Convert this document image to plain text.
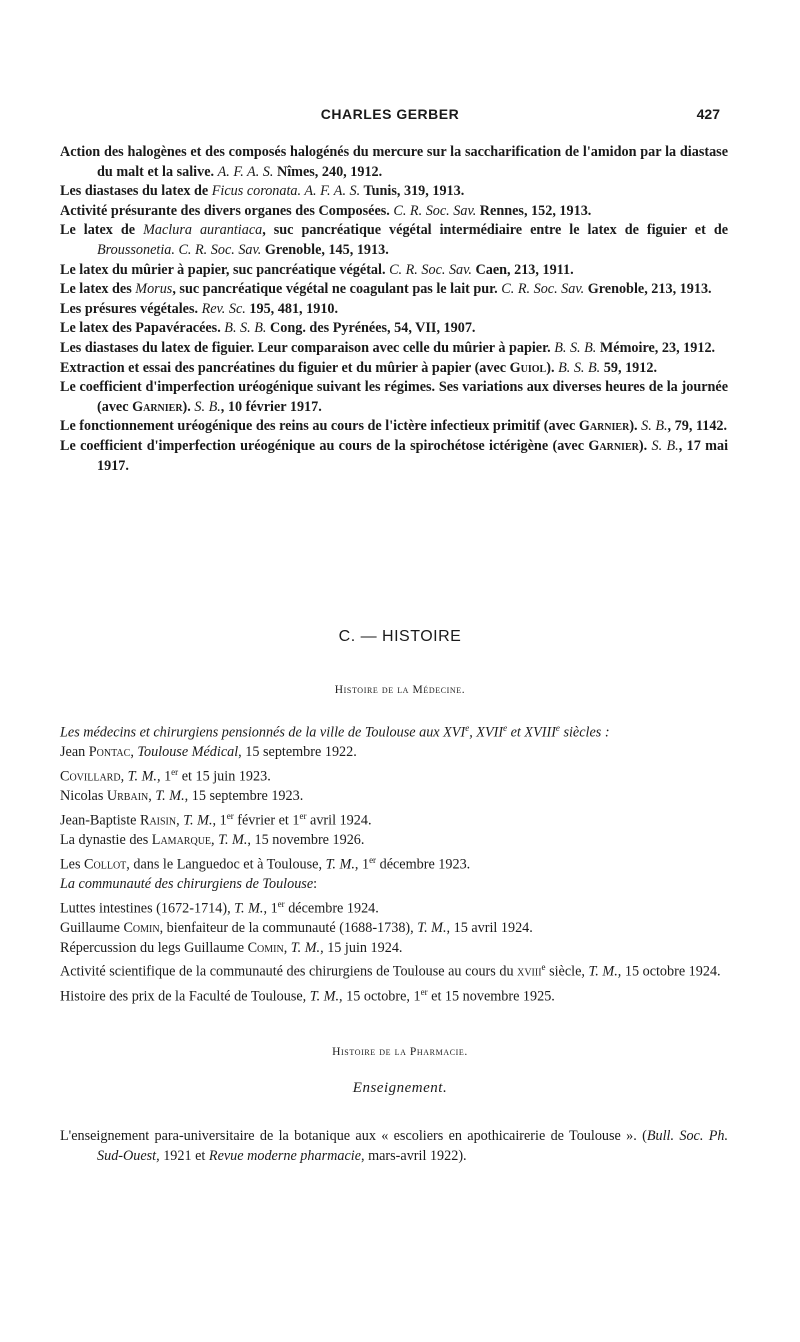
CHARLES GERBER	427

Action des halogènes et des composés halogénés du mercure sur la saccharification de l'amidon par la diastase du malt et la salive. A. F. A. S. Nîmes, 240, 1912.

Les diastases du latex de Ficus coronata. A. F. A. S. Tunis, 319, 1913.

Activité présurante des divers organes des Composées. C. R. Soc. Sav. Rennes, 152, 1913.

Le latex de Maclura aurantiaca, suc pancréatique végétal intermédiaire entre le latex de figuier et de Broussonetia. C. R. Soc. Sav. Grenoble, 145, 1913.

Le latex du mûrier à papier, suc pancréatique végétal. C. R. Soc. Sav. Caen, 213, 1911.

Le latex des Morus, suc pancréatique végétal ne coagulant pas le lait pur. C. R. Soc. Sav. Grenoble, 213, 1913.

Les présures végétales. Rev. Sc. 195, 481, 1910.

Le latex des Papavéracées. B. S. B. Cong. des Pyrénées, 54, VII, 1907.

Les diastases du latex de figuier. Leur comparaison avec celle du mûrier à papier. B. S. B. Mémoire, 23, 1912.

Extraction et essai des pancréatines du figuier et du mûrier à papier (avec Guiol). B. S. B. 59, 1912.

Le coefficient d'imperfection uréogénique suivant les régimes. Ses variations aux diverses heures de la journée (avec Garnier). S. B., 10 février 1917.

Le fonctionnement uréogénique des reins au cours de l'ictère infectieux primitif (avec Garnier). S. B., 79, 1142.

Le coefficient d'imperfection uréogénique au cours de la spirochétose ictérigène (avec Garnier). S. B., 17 mai 1917.

C. — HISTOIRE
Histoire de la Médecine.

Les médecins et chirurgiens pensionnés de la ville de Toulouse aux XVIe, XVIIe et XVIIIe siècles :

Jean Pontac, Toulouse Médical, 15 septembre 1922.

Covillard, T. M., 1er et 15 juin 1923.

Nicolas Urbain, T. M., 15 septembre 1923.

Jean-Baptiste Raisin, T. M., 1er février et 1er avril 1924.

La dynastie des Lamarque, T. M., 15 novembre 1926.

Les Collot, dans le Languedoc et à Toulouse, T. M., 1er décembre 1923.

La communauté des chirurgiens de Toulouse:

Luttes intestines (1672-1714), T. M., 1er décembre 1924.

Guillaume Comin, bienfaiteur de la communauté (1688-1738), T. M., 15 avril 1924.

Répercussion du legs Guillaume Comin, T. M., 15 juin 1924.

Activité scientifique de la communauté des chirurgiens de Toulouse au cours du xviii$^e$ siècle, T. M., 15 octobre 1924.

Histoire des prix de la Faculté de Toulouse, T. M., 15 octobre, 1er et 15 novembre 1925.

Histoire de la Pharmacie.
Enseignement.

L'enseignement para-universitaire de la botanique aux « escoliers en apothicairerie de Toulouse ». (Bull. Soc. Ph. Sud-Ouest, 1921 et Revue moderne pharmacie, mars-avril 1922).
